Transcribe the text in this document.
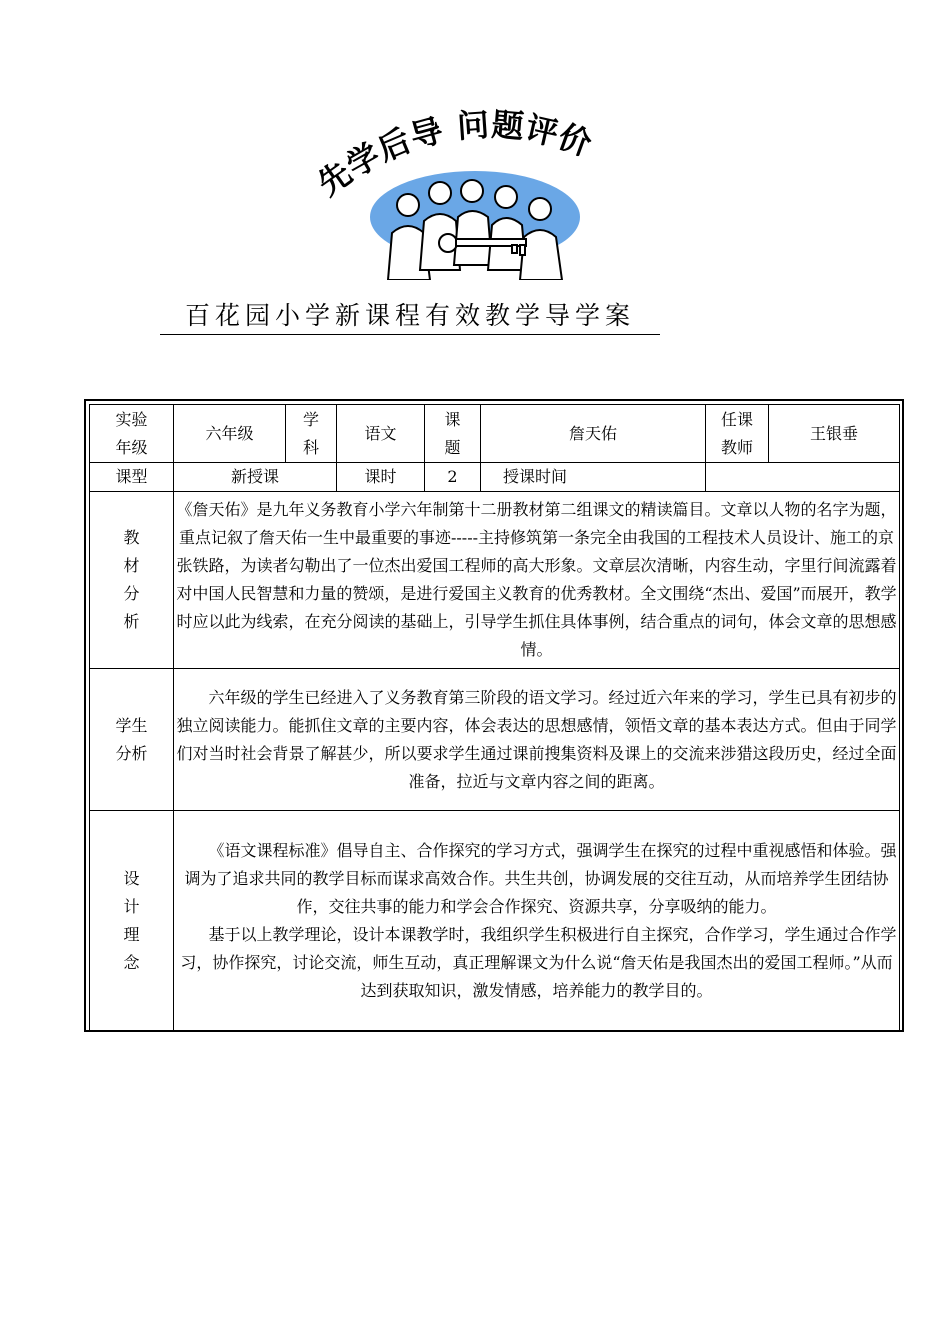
先学后导 问题评价
百花园小学新课程有效教学导学案
实验年级	六年级	学科	语文	课题	詹天佑	任课教师	王银垂
课型	新授课		课时	2	授课时间		
教材分析	《詹天佑》是九年义务教育小学六年制第十二册教材第二组课文的精读篇目。文章以人物的名字为题，重点记叙了詹天佑一生中最重要的事迹-----主持修筑第一条完全由我国的工程技术人员设计、施工的京张铁路，为读者勾勒出了一位杰出爱国工程师的高大形象。文章层次清晰，内容生动，字里行间流露着对中国人民智慧和力量的赞颂，是进行爱国主义教育的优秀教材。全文围绕“杰出、爱国”而展开，教学时应以此为线索，在充分阅读的基础上，引导学生抓住具体事例，结合重点的词句，体会文章的思想感情。						

学生分析	六年级的学生已经进入了义务教育第三阶段的语文学习。经过近六年来的学习，学生已具有初步的独立阅读能力。能抓住文章的主要内容，体会表达的思想感情，领悟文章的基本表达方式。但由于同学们对当时社会背景了解甚少，所以要求学生通过课前搜集资料及课上的交流来涉猎这段历史，经过全面准备，拉近与文章内容之间的距离。						

设计理念	《语文课程标准》倡导自主、合作探究的学习方式，强调学生在探究的过程中重视感悟和体验。强调为了追求共同的教学目标而谋求高效合作。共生共创，协调发展的交往互动，从而培养学生团结协作，交往共事的能力和学会合作探究、资源共享，分享吸纳的能力。

基于以上教学理论，设计本课教学时，我组织学生积极进行自主探究，合作学习，学生通过合作学习，协作探究，讨论交流，师生互动，真正理解课文为什么说“詹天佑是我国杰出的爱国工程师。”从而达到获取知识，激发情感，培养能力的教学目的。						
